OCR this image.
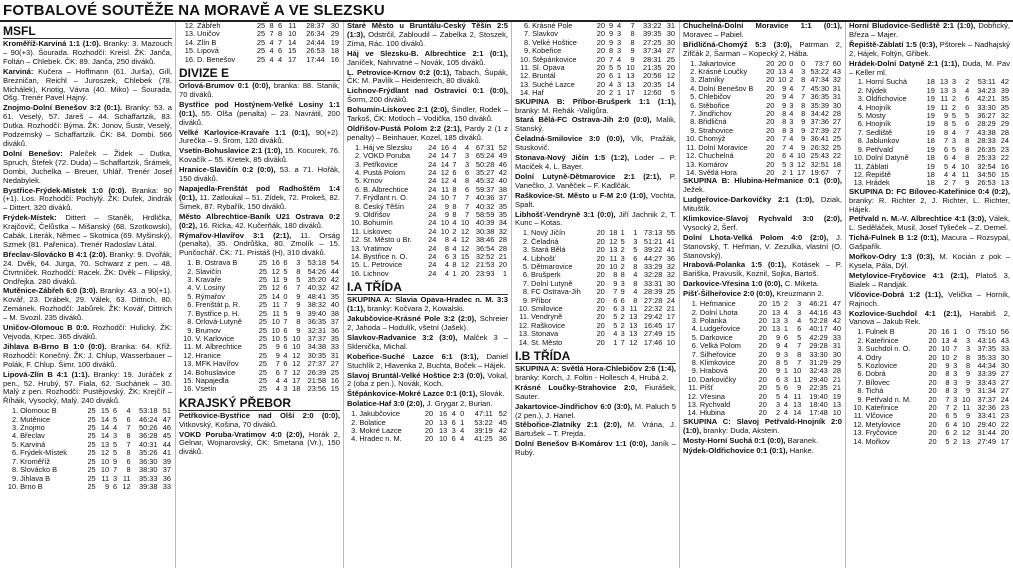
FOTBALOVÉ SOUTĚŽE NA MORAVĚ A VE SLEZSKU
MSFL
Kroměříž-Karviná 1:1 (1:0). Branky: 3. Mazouch – 90(+3). Šourada. Rozhodčí: Kreisl. ŽK: Janča, Foltán – Chlebek. ČK: 89. Janča, 250 diváků.
Karviná: Kučera – Hoffmann (61. Jurša), Gill, Brezničan, Reichl – Juroszek, Chlebek (78. Michálek), Knotig, Vávra (40. Miko) – Šourada, Ošg. Trenér Pavel Hajný.
Znojmo-Dolní Benešov 3:2 (0:1). Branky: 53. a 61. Veselý, 57. Jareš – 44. Schaffartzik, 83. Dutka. Rozhodčí: Býma. ŽK: Jonov, Šustr, Veselý, Podzemský – Schaffartzik. ČK: 84. Dombi. 566 diváků.
Dolní Benešov: Paleček – Židek – Dutka, Spruch, Štefek (72. Duda) – Schaffartzik, Šrámek, Dombi, Juchelka – Breuer, Uhlář. Trenér Josef Nedabylek.
Bystřice-Frýdek-Místek 1:0 (0:0). Branka: 90 (+1). Los. Rozhodčí: Pochylý. ŽK: Dufek, Jindrák – Dittert. 320 diváků.
Frýdek-Místek: Dittert – Staněk, Hrdlička, Krajčovič, Čelůstka – Mišanský (68. Szotkowski), Cabák, Literák, Němec – Skotnica (69. Myšinský), Szmek (81. Pařenica). Trenér Radoslav Látal.
Břeclav-Slovácko B 4:1 (2:0). Branky: 9. Dvořák, 24. Dvěk, 64. Jurga, 70. Schwarz z pen. – 48. Čtvrtníček. Rozhodčí: Racek. ŽK: Dvěk – Filipský, Ondřejka. 280 diváků.
Mutěnice-Zábřeh 6:0 (3:0). Branky: 43. a 90(+1). Kovář, 23. Drábek, 29. Válek, 63. Dittrich, 80. Zemánek. Rozhodčí: Jabůrek. ŽK: Kovář, Dittrich – M. Svozil. 235 diváků.
Uničov-Olomouc B 0:0. Rozhodčí: Hulický. ŽK: Vejvoda, Krpec. 365 diváků.
Jihlava B-Brno B 1:0 (0:0). Branka: 64. Kříž. Rozhodčí: Konečný. ŽK: J. Chlup, Wasserbauer – Polák, F. Chlup. Šimr. 100 diváků.
Lipová-Zlín B 4:1 (1:1). Branky: 19. Juráček z pen., 52. Hrubý, 57. Fiala, 62. Suchánek – 30. Malý z pen. Rozhodčí: Pustějovský. ŽK: Krejčíř – Říháik, Vysocký, Malý. 240 diváků.
1.	Olomouc B	25	15	6	4	53:18	51
2.	Mutěnice	25	14	5	6	46:24	47
3.	Znojmo	25	14	4	7	50:26	46
4.	Břeclav	25	14	3	8	36:28	45
5.	Karviná	25	13	5	7	40:31	44
6.	Frýdek-Místek	25	12	5	8	35:26	41
7.	Kroměříž	25	10	9	6	36:30	39
8.	Slovácko B	25	10	7	8	38:30	37
9.	Jihlava B	25	11	3	11	35:33	36
10.	Brno B	25	9	6	12	39:38	33
12.	Zábřeh	25	8	6	11	28:37	30
13.	Uničov	25	7	8	10	26:34	29
14.	Zlín B	25	4	7	14	24:44	19
15.	Lipová	25	4	6	15	26:53	18
16.	D. Benešov	25	4	4	17	17:44	16
DIVIZE E
Orlová-Brumov 0:1 (0:0), branka: 88. Stanik, 70 diváků.
Bystřice pod Hostýnem-Velké Losiny 1:1 (0:1), 55. Olša (penalta) – 23. Navrátil, 200 diváků.
Velké Karlovice-Kravaře 1:1 (0:1), 90(+2). Jurečka – 9. Šrom, 120 diváků.
Vsetín-Bohuslavice 2:1 (1:0), 15. Kocurek, 76. Kovačík – 55. Kretek, 85 diváků.
Hranice-Slavičín 0:2 (0:0), 53. a 71. Hořák, 150 diváků.
Napajedla-Frenštát pod Radhoštěm 1:4 (0:1), 11. Zatloukal – 51. Zídek, 72. Prokeš, 82. Šimek, 87. Rybařík, 150 diváků.
Město Albrechtice-Baník U21 Ostrava 0:2 (0:2), 16. Ricka, 42. Kučerňák, 180 diváků.
Rýmařov-Hlavířov 3:1 (2:1), 11. Orság (penalta), 35. Ondrůška, 80. Zmolík – 15. Punčochář. ČK: 71. Pristáš (H), 310 diváků.
1.	B. Ostrava B	25	16	6	3	53:18	54
2.	Slavičín	25	12	5	8	54:26	44
3.	Kravaře	25	11	9	5	35:20	42
4.	V. Losiny	25	12	6	7	40:32	42
5.	Rýmařov	25	14	0	9	48:41	35
6.	Frenštát p. R.	25	11	7	9	38:32	40
7.	Bystřice p. H.	25	11	5	9	39:40	38
8.	Orlová-Lutyně	25	10	7	8	36:35	37
9.	Brumov	25	10	6	9	32:31	36
10.	V. Karlovice	25	10	5	10	37:37	35
11.	M. Albrechtice	25	9	6	10	34:38	33
12.	Hranice	25	9	4	12	30:35	31
13.	MFK Havířov	25	7	6	12	27:37	27
14.	Bohuslavice	25	6	7	12	26:39	25
15.	Napajedla	25	4	4	17	21:58	16
16.	Vsetín	25	4	3	18	23:56	15
KRAJSKÝ PŘEBOR
Petřkovice-Bystřice nad Olší 2:0 (0:0), Vitkovský, Košina, 70 diváků.
VOKD Poruba-Vratimov 4:0 (2:0), Horák 2, Gelnar, Wojnarovský, ČK: Smetana (Vr.), 150 diváků.
Staré Město u Bruntálu-Český Těšín 2:5 (1:3), Odstrčil, Zabloudil – Zabelka 2, Stoszek, Zíma, Rác. 100 diváků.
Háj ve Slezsku-B. Albrechtice 2:1 (0:1), Janíček, Nahrvatné – Novák, 105 diváků.
L. Petrovice-Krnov 0:2 (0:1), Tabach, Šupák, ČK: M. Pavlík – Heidenreich, 80 diváků.
Lichnov-Frýdlant nad Ostravicí 0:1 (0:0), Šorm, 200 diváků.
Bohumín-Liskovec 2:1 (2:0), Šindler, Rodek – Tarkoš, ČK: Motloch – Vodička, 150 diváků.
Oldřišov-Pustá Polom 2:2 (2:1), Pardy 2 (1 z penalty) – Beinhauer, Kozel, 185 diváků.
1.	Háj ve Slezsku	24	16	4	4	67:31	52
2.	VOKD Poruba	24	14	7	3	65:24	49
3.	Petřkovice	24	14	7	3	50:28	46
4.	Pustá Polom	24	12	6	6	35:27	42
5.	Krnov	24	12	4	8	45:32	40
6.	B. Albrechtice	24	11	8	6	59:37	38
7.	Frýdlant n. O.	24	10	7	7	40:36	37
8.	Český Těšín	24	9	8	7	40:32	35
9.	Oldřišov	24	9	8	7	58:59	35
10.	Bohumín	24	10	4	10	40:39	34
11.	Liskovec	24	10	2	12	30:38	32
12.	St. Město u Br.	24	8	4	12	38:46	28
13.	Vratimov	24	8	4	12	36:54	28
14.	Bystřice n. O.	24	6	3	15	32:52	21
15.	L. Petrovice	24	4	8	12	21:53	20
16.	Lichnov	24	4	1	20	23:93	1
I.A TŘÍDA
SKUPINA A: Slavia Opava-Hradec n. M. 3:3 (1:1), branky: Kočvara 2, Kowalski.
Jakubčovice-Krásné Pole 3:2 (2:0), Schreier 2, Jahoda – Hodulík, všetní (Jašek).
Slavkov-Radvanice 3:2 (3:0), Malček 3 – Sklenička, Michal.
Kobeřice-Suché Lazce 6:1 (3:1), Daniel Stuchlík 2, Hlavenka 2, Buchta, Boček – Hájek.
Slavoj Bruntál-Velké Hoštice 2:3 (0:0), Vokal, 2 (oba z pen.), Novák, Koch.
Štěpánkovice-Mokré Lazce 0:1 (0:1), Slovák.
Bolatice-Haf 3:0 (2:0), J. Grygar 2, Burian.
1.	Jakubčovice	20	16	4	0	47:11	52
2.	Bolatice	20	13	6	1	53:22	45
3.	Mokré Lazce	20	13	3	4	39:19	42
4.	Hradec n. M.	20	10	6	4	41:25	36
6.	Krásné Pole	20	9	4	7	33:22	31
7.	Slavkov	20	9	3	8	39:35	30
8.	Velké Hoštice	20	9	3	8	27:25	30
9.	Kobeřice	20	8	3	9	37:34	27
10.	Štěpánkovice	20	7	4	9	28:31	25
11.	Sl. Opava	20	5	5	10	21:35	20
12.	Bruntál	20	6	1	13	20:56	12
13.	Suché Lazce	20	4	3	13	20:35	14
14.	Haf	20	2	1	17	12:60	5
SKUPINA B: Příbor-Brušperk 1:1 (1:1), branky: M. Rehák -Valigůra.
Stará Bělá-FC Ostrava-Jih 2:0 (0:0), Malik, Stanský.
Čeladná-Smilovice 3:0 (0:0), Vlk, Pražák, Stuskovič.
Stonava-Nový Jičín 1:5 (1:2), Loder – P. Maciček 4, L. Bayer.
Dolní Lutyně-Dětmarovice 2:1 (2:1), P. Vanečko, J. Vaněček – F. Kadlčák.
Raškovice-St. Město u F-M 2:0 (1:0), Vochta, Spalt.
Libhošť-Vendryně 3:1 (0:0), Jiří Jachnik 2, T. Kunc – Kotas.
1.	Nový Jičín	20	18	1	1	73:13	55
2.	Čeladná	20	12	5	3	51:21	41
3.	Stará Bělá	20	13	2	5	39:22	41
4.	Libhošť	20	11	3	6	44:27	36
5.	Dětmarovice	20	10	2	8	33:29	32
6.	Brušperk	20	8	8	4	32:28	32
7.	Dolní Lutyně	20	9	3	8	33:31	30
8.	FC Ostrava-Jih	20	7	9	4	28:39	25
9.	Příbor	20	6	6	8	27:28	24
10.	Smilovice	20	6	3	11	22:32	21
11.	Vendryně	20	5	2	13	29:42	17
12.	Raškovice	20	5	2	13	16:45	17
13.	Stonava	20	4	3	13	27:49	15
14.	St. Město	20	1	7	12	17:46	10
I.B TŘÍDA
SKUPINA A: Světlá Hora-Chlebičov 2:6 (1:4), branky: Korch, J. Foltin - Hollesch 4, Hrubá 2.
Krásné Loučky-Strahovice 2:0, Fiurášek, Sauter.
Jakartovice-Jindřichov 6:0 (3:0), M. Paluch 5 (2 pen.), J. Hanel.
Stěbořice-Zlatníky 2:1 (2:0), M. Vrána, J. Bartušek – T. Prejda.
Dolní Benešov B-Komárov 1:1 (0:0), Janík – Rubý.
Chuchelná-Dolní Moravice 1:1 (0:1), Moravec – Pabiel.
Břidličná-Chomýž 5:3 (3:0), Patrman 2, Zifčák 2, Šarman – Kopecký 2, Hába.
1.	Jakartovice	20	20	0	0	73:7	60
2.	Krásné Loučky	20	13	4	3	53:22	43
3.	Zlatníky	20	10	2	8	47:34	32
4.	Dolní Benešov B	20	9	4	7	45:30	31
5.	Chlebičov	20	9	4	7	36:35	31
6.	Stěbořice	20	9	3	8	35:39	30
7.	Jindřichov	20	8	4	8	34:42	28
8.	Břidličná	20	8	3	9	37:36	27
9.	Strahovice	20	8	3	9	27:39	27
10.	Chomýž	20	7	4	9	36:41	25
11.	Dolní Moravice	20	7	4	9	26:32	25
12.	Chuchelná	20	6	4	10	25:43	22
13.	Komárov	20	5	3	12	32:51	18
14.	Světlá Hora	20	2	1	17	19:67	7
SKUPINA B: Hlubina-Heřmanice 0:1 (0:0), Ježek.
Ludgeřovice-Darkovičky 2:1 (1:0), Dziak, Mituštík.
Klimkovice-Slavoj Rychvald 3:0 (2:0), Vysocký 2, Šerf.
Dolní Lhota-Velká Polom 4:0 (2:0), J. Stanovský, T. Heřman, V. Zezulka, vlastní (O. Stanovský).
Hrabová-Polanka 1:5 (0:1), Kotásek – P. Bariška, Pravusík, Koznil, Sojka, Bartoš.
Darkovice-Vřesina 1:0 (0:0), C. Miketa.
Píšť-Šilheřovice 2:0 (0:0), Kreuzmann 2.
1.	Heřmanice	20	15	2	3	46:21	47
2.	Dolní Lhota	20	13	4	3	44:16	43
3.	Polanka	20	13	3	4	52:28	42
4.	Ludgeřovice	20	13	1	6	40:17	40
5.	Darkovice	20	9	6	5	42:29	33
6.	Velká Polom	20	9	4	7	29:28	31
7.	Šilheřovice	20	9	3	8	33:30	30
8.	Klimkovice	20	8	5	7	31:29	29
9.	Hrabová	20	9	1	10	32:43	28
10.	Darkovičky	20	6	3	11	29:40	21
11.	Píšť	20	5	6	9	22:35	21
12.	Vřesina	20	5	4	11	19:40	19
13.	Rychvald	20	3	4	13	18:40	13
14.	Hlubina	20	2	4	14	17:48	10
SKUPINA C: Slavoj Petřvald-Hnojník 2:0 (1:0), branky: Duda, Akstein.
Mosty-Horní Suchá 0:1 (0:0), Baranek.
Nýdek-Oldřichovice 0:1 (0:1), Hanke.
Horní Bludovice-Sedliště 2:1 (1:0), Dobřický, Březa – Majer.
Řepiště-Záblatí 1:5 (0:3), Pštorek – Nadhajský 2, Hájek, Foltýn, Gřibek.
Hrádek-Dolní Datyně 2:1 (1:1), Duda, M. Pav – Keller ml.
1.	Horní Suchá	18	13	3	2	53:11	42
2.	Nýdek	19	13	3	4	34:23	39
3.	Oldřichovice	19	11	2	6	42:21	35
4.	Hnojník	19	11	2	6	33:30	35
5.	Mosty	19	9	5	5	36:27	32
6.	Hnojník	19	8	5	6	28:29	29
7.	Sedliště	19	8	4	7	43:38	28
8.	Jablunkov	18	7	3	8	28:33	24
9.	Petřvald	19	6	5	8	26:35	23
10.	Dolní Datyně	18	6	4	8	25:33	22
11.	Záblatí	19	5	4	10	32:54	16
12.	Řepiště	18	4	4	11	34:50	15
13.	Hrádek	18	2	7	9	26:53	13
SKUPINA D: FC Bílovec-Kateřinice 0:4 (0:2), branky: R. Richter 2, J. Richter, L. Richter, Hájek.
Petřvald n. M.-V. Albrechtice 4:1 (3:0), Válek, L. Seděláček, Musil, Josef Tylieček – Z. Demel.
Tichá-Fulnek B 1:2 (0:1), Macura – Rozsypal, Gašpařík.
Mořkov-Odry 1:3 (0:3), M. Kocián z pok – Kysela, Pála, Dýl.
Metylovice-Fryčovice 4:1 (2:1), Platoš 3, Bialek – Randják.
Vlčovice-Dobrá 1:2 (1:1), Velička – Hornik, Rajnoch.
Kozlovice-Suchdol 4:1 (2:1), Harabiš 2, Vanova – Jakub Rek.
1.	Fulnek B	20	16	1	0	75:10	56
2.	Kateřinice	20	13	4	3	43:16	43
3.	Suchdol n. O.	20	10	7	3	37:35	33
4.	Odry	20	10	2	8	35:33	30
5.	Kozlovice	20	9	3	8	44:34	30
6.	Dobrá	20	8	3	9	33:39	27
7.	Bílovec	20	8	3	9	33:43	27
8.	Tichá	20	8	3	9	31:34	27
9.	Petřvald n. M.	20	7	3	10	37:37	24
10.	Kateřinice	20	7	2	11	32:36	23
11.	Vlčovice	20	6	5	9	33:41	23
12.	Metylovice	20	6	4	10	29:40	22
13.	Fryčovice	20	6	2	12	31:44	20
14.	Mořkov	20	5	2	13	27:49	17
